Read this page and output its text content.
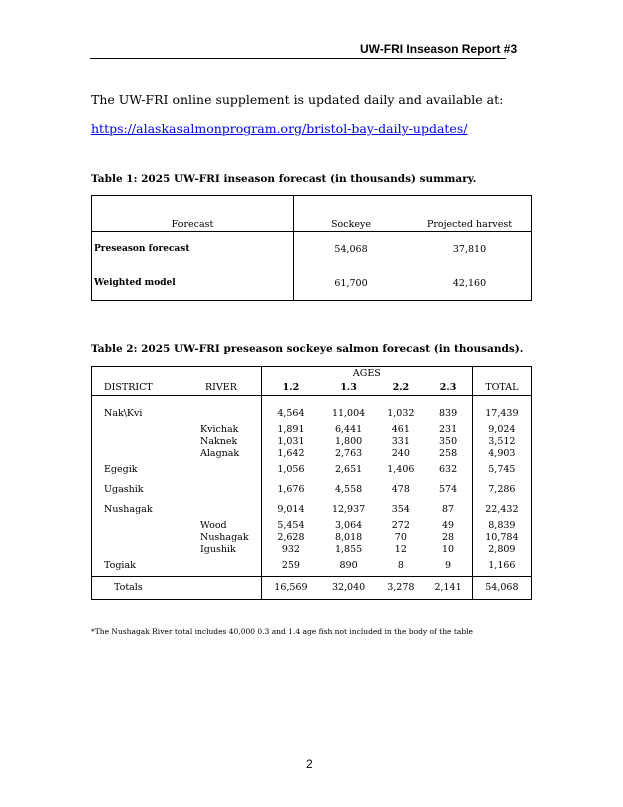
UW-FRI Inseason Report #3
The UW-FRI online supplement is updated daily and available at:
https://alaskasalmonprogram.org/bristol-bay-daily-updates/
Table 1: 2025 UW-FRI inseason forecast (in thousands) summary.
Forecast	Sockeye	Projected harvest
Preseason forecast	54,068	37,810
Weighted model	61,700	42,160
Table 2: 2025 UW-FRI preseason sockeye salmon forecast (in thousands).
		AGES				
DISTRICT	RIVER	1.2	1.3	2.2	2.3	TOTAL

Nak\Kvi		4,564	11,004	1,032	839	17,439
	Kvichak	1,891	6,441	461	231	9,024
	Naknek	1,031	1,800	331	350	3,512
	Alagnak	1,642	2,763	240	258	4,903
Egegik		1,056	2,651	1,406	632	5,745
Ugashik		1,676	4,558	478	574	7,286
Nushagak		9,014	12,937	354	87	22,432
	Wood	5,454	3,064	272	49	8,839
	Nushagak	2,628	8,018	70	28	10,784
	Igushik	932	1,855	12	10	2,809
Togiak		259	890	8	9	1,166
Totals		16,569	32,040	3,278	2,141	54,068
*The Nushagak River total includes 40,000 0.3 and 1.4 age fish not included in the body of the table
2
